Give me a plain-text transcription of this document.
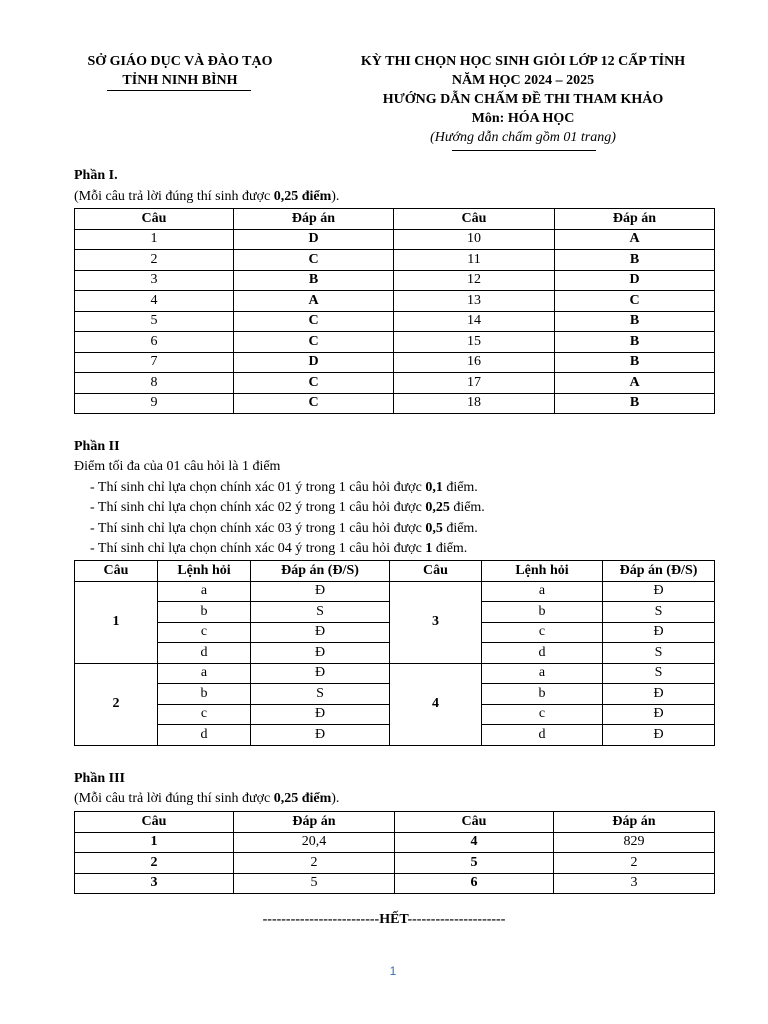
SỞ GIÁO DỤC VÀ ĐÀO TẠO
TỈNH NINH BÌNH
KỲ THI CHỌN HỌC SINH GIỎI LỚP 12 CẤP TỈNH
NĂM HỌC 2024 – 2025
HƯỚNG DẪN CHẤM ĐỀ THI THAM KHẢO
Môn: HÓA HỌC
(Hướng dẫn chấm gồm 01 trang)
Phần I.
(Mỗi câu trả lời đúng thí sinh được 0,25 điểm).
Câu	Đáp án	Câu	Đáp án
1	D	10	A
2	C	11	B
3	B	12	D
4	A	13	C
5	C	14	B
6	C	15	B
7	D	16	B
8	C	17	A
9	C	18	B
Phần II
Điểm tối đa của 01 câu hỏi là 1 điểm
- Thí sinh chỉ lựa chọn chính xác 01 ý trong 1 câu hỏi được 0,1 điểm.
- Thí sinh chỉ lựa chọn chính xác 02 ý trong 1 câu hỏi được 0,25 điểm.
- Thí sinh chỉ lựa chọn chính xác 03 ý trong 1 câu hỏi được 0,5 điểm.
- Thí sinh chỉ lựa chọn chính xác 04 ý trong 1 câu hỏi được 1 điểm.
Câu	Lệnh hỏi	Đáp án (Đ/S)	Câu	Lệnh hỏi	Đáp án (Đ/S)
1	a	Đ	3	a	Đ
	b	S		b	S
	c	Đ		c	Đ
	d	Đ		d	S
2	a	Đ	4	a	S
	b	S		b	Đ
	c	Đ		c	Đ
	d	Đ		d	Đ
Phần III
(Mỗi câu trả lời đúng thí sinh được 0,25 điểm).
Câu	Đáp án	Câu	Đáp án
1	20,4	4	829
2	2	5	2
3	5	6	3
-------------------------HẾT---------------------
1
